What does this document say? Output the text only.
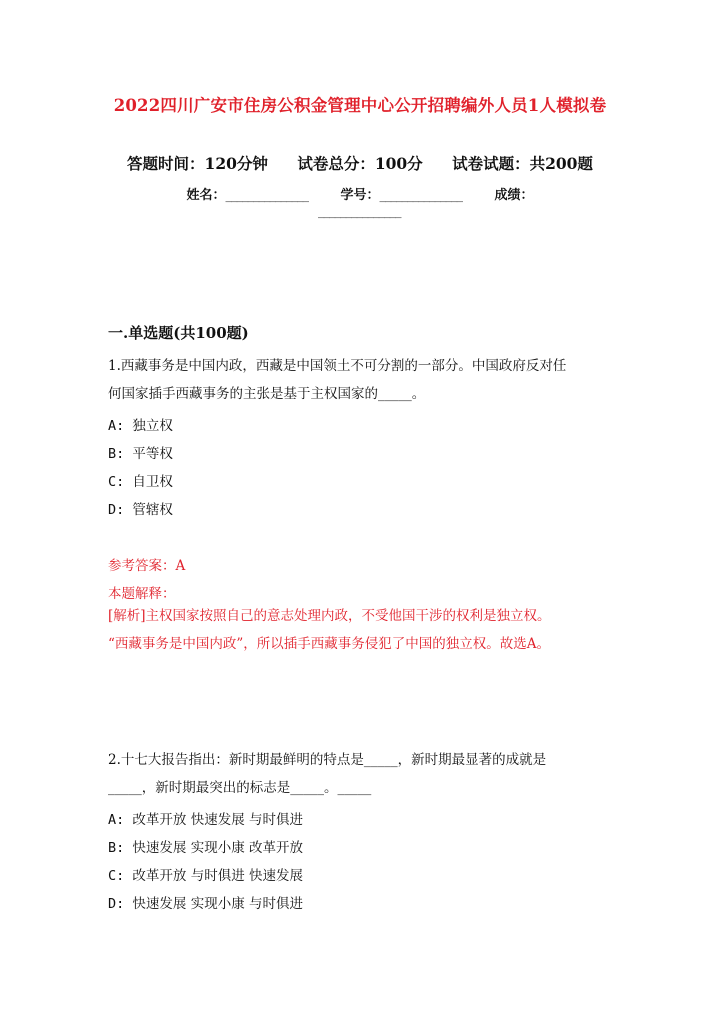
2022四川广安市住房公积金管理中心公开招聘编外人员1人模拟卷
答题时间：120分钟 试卷总分：100分 试卷试题：共200题
姓名：_______________	学号：_______________	成绩：
_______________
一.单选题(共100题)
1.西藏事务是中国内政，西藏是中国领土不可分割的一部分。中国政府反对任
何国家插手西藏事务的主张是基于主权国家的_____。
A: 独立权
B: 平等权
C: 自卫权
D: 管辖权
参考答案：A
本题解释：
[解析]主权国家按照自己的意志处理内政，不受他国干涉的权利是独立权。
“西藏事务是中国内政”，所以插手西藏事务侵犯了中国的独立权。故选A。
2.十七大报告指出：新时期最鲜明的特点是_____，新时期最显著的成就是
_____，新时期最突出的标志是_____。_____
A: 改革开放 快速发展 与时俱进
B: 快速发展 实现小康 改革开放
C: 改革开放 与时俱进 快速发展
D: 快速发展 实现小康 与时俱进
